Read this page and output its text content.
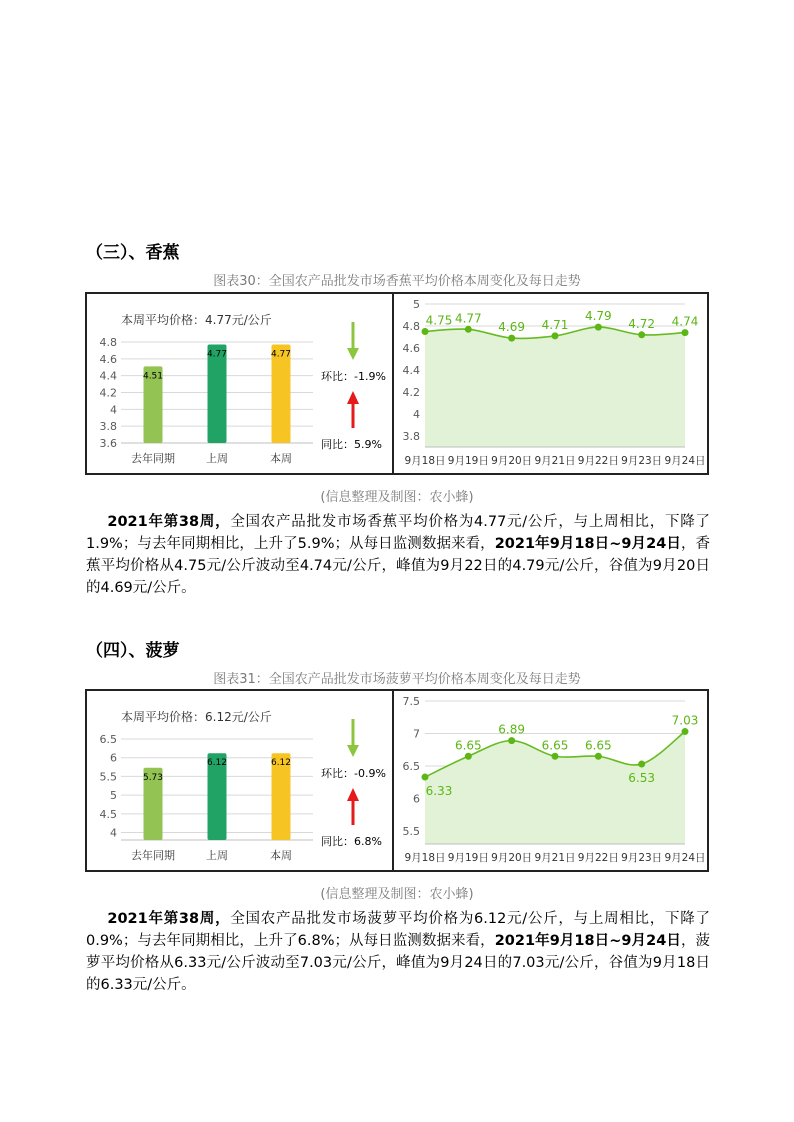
（三）、香蕉
图表30：全国农产品批发市场香蕉平均价格本周变化及每日走势
本周平均价格：4.77元/公斤
3.6
3.8
4
4.2
4.4
4.6
4.8
4.51
去年同期
4.77
上周
4.77
本周
环比：-1.9%
同比：5.9%
3.8
4
4.2
4.4
4.6
4.8
5
4.75
9月18日
4.77
9月19日
4.69
9月20日
4.71
9月21日
4.79
9月22日
4.72
9月23日
4.74
9月24日
(信息整理及制图：农小蜂)
2021年第38周，全国农产品批发市场香蕉平均价格为4.77元/公斤，与上周相比，下降了1.9%；与去年同期相比，上升了5.9%；从每日监测数据来看，2021年9月18日~9月24日，香蕉平均价格从4.75元/公斤波动至4.74元/公斤，峰值为9月22日的4.79元/公斤，谷值为9月20日的4.69元/公斤。
（四）、菠萝
图表31：全国农产品批发市场菠萝平均价格本周变化及每日走势
本周平均价格：6.12元/公斤
4
4.5
5
5.5
6
6.5
5.73
去年同期
6.12
上周
6.12
本周
环比：-0.9%
同比：6.8%
5.5
6
6.5
7
7.5
6.33
9月18日
6.65
9月19日
6.89
9月20日
6.65
9月21日
6.65
9月22日
6.53
9月23日
7.03
9月24日
(信息整理及制图：农小蜂)
2021年第38周，全国农产品批发市场菠萝平均价格为6.12元/公斤，与上周相比，下降了0.9%；与去年同期相比，上升了6.8%；从每日监测数据来看，2021年9月18日~9月24日，菠萝平均价格从6.33元/公斤波动至7.03元/公斤，峰值为9月24日的7.03元/公斤，谷值为9月18日的6.33元/公斤。
